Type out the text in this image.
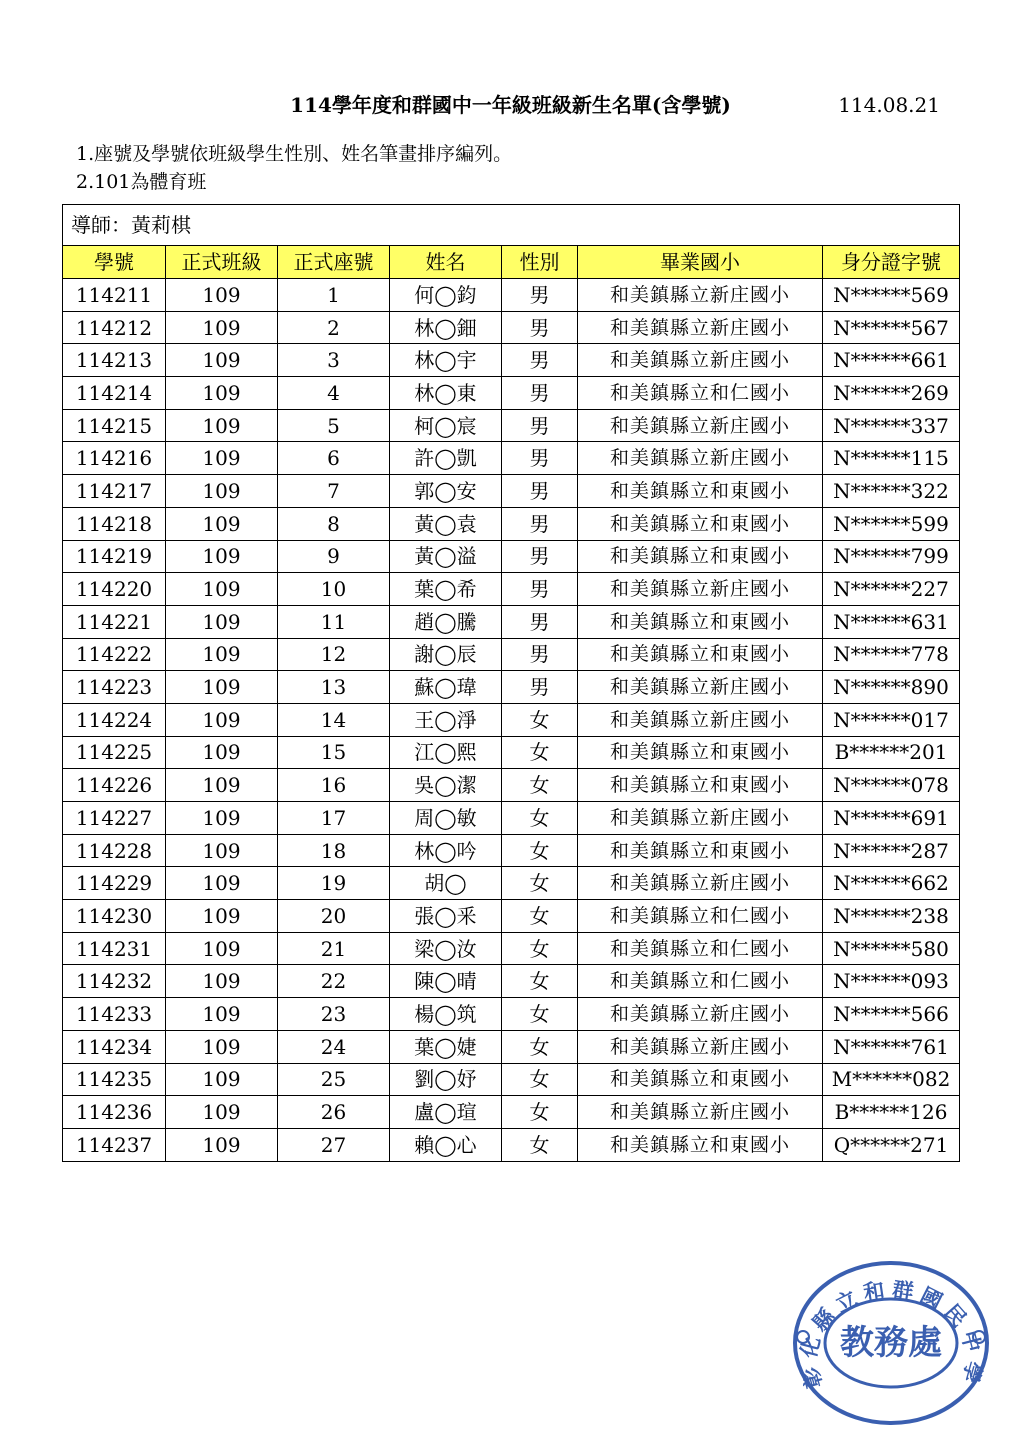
114學年度和群國中一年級班級新生名單(含學號)	114.08.21
1.座號及學號依班級學生性別、姓名筆畫排序編列。
2.101為體育班
導師：黃莉棋						
學號	正式班級	正式座號	姓名	性別	畢業國小	身分證字號
114211	109	1	何◯鈞	男	和美鎮縣立新庄國小	N******569
114212	109	2	林◯鈿	男	和美鎮縣立新庄國小	N******567
114213	109	3	林◯宇	男	和美鎮縣立新庄國小	N******661
114214	109	4	林◯東	男	和美鎮縣立和仁國小	N******269
114215	109	5	柯◯宸	男	和美鎮縣立新庄國小	N******337
114216	109	6	許◯凱	男	和美鎮縣立新庄國小	N******115
114217	109	7	郭◯安	男	和美鎮縣立和東國小	N******322
114218	109	8	黃◯袁	男	和美鎮縣立和東國小	N******599
114219	109	9	黃◯溢	男	和美鎮縣立和東國小	N******799
114220	109	10	葉◯希	男	和美鎮縣立新庄國小	N******227
114221	109	11	趙◯騰	男	和美鎮縣立和東國小	N******631
114222	109	12	謝◯辰	男	和美鎮縣立和東國小	N******778
114223	109	13	蘇◯瑋	男	和美鎮縣立新庄國小	N******890
114224	109	14	王◯淨	女	和美鎮縣立新庄國小	N******017
114225	109	15	江◯熙	女	和美鎮縣立和東國小	B******201
114226	109	16	吳◯潔	女	和美鎮縣立和東國小	N******078
114227	109	17	周◯敏	女	和美鎮縣立新庄國小	N******691
114228	109	18	林◯吟	女	和美鎮縣立和東國小	N******287
114229	109	19	胡◯	女	和美鎮縣立新庄國小	N******662
114230	109	20	張◯釆	女	和美鎮縣立和仁國小	N******238
114231	109	21	梁◯汝	女	和美鎮縣立和仁國小	N******580
114232	109	22	陳◯晴	女	和美鎮縣立和仁國小	N******093
114233	109	23	楊◯筑	女	和美鎮縣立新庄國小	N******566
114234	109	24	葉◯婕	女	和美鎮縣立新庄國小	N******761
114235	109	25	劉◯妤	女	和美鎮縣立和東國小	M******082
114236	109	26	盧◯瑄	女	和美鎮縣立新庄國小	B******126
114237	109	27	賴◯心	女	和美鎮縣立和東國小	Q******271
彰化縣立和群國民中學
教務處
